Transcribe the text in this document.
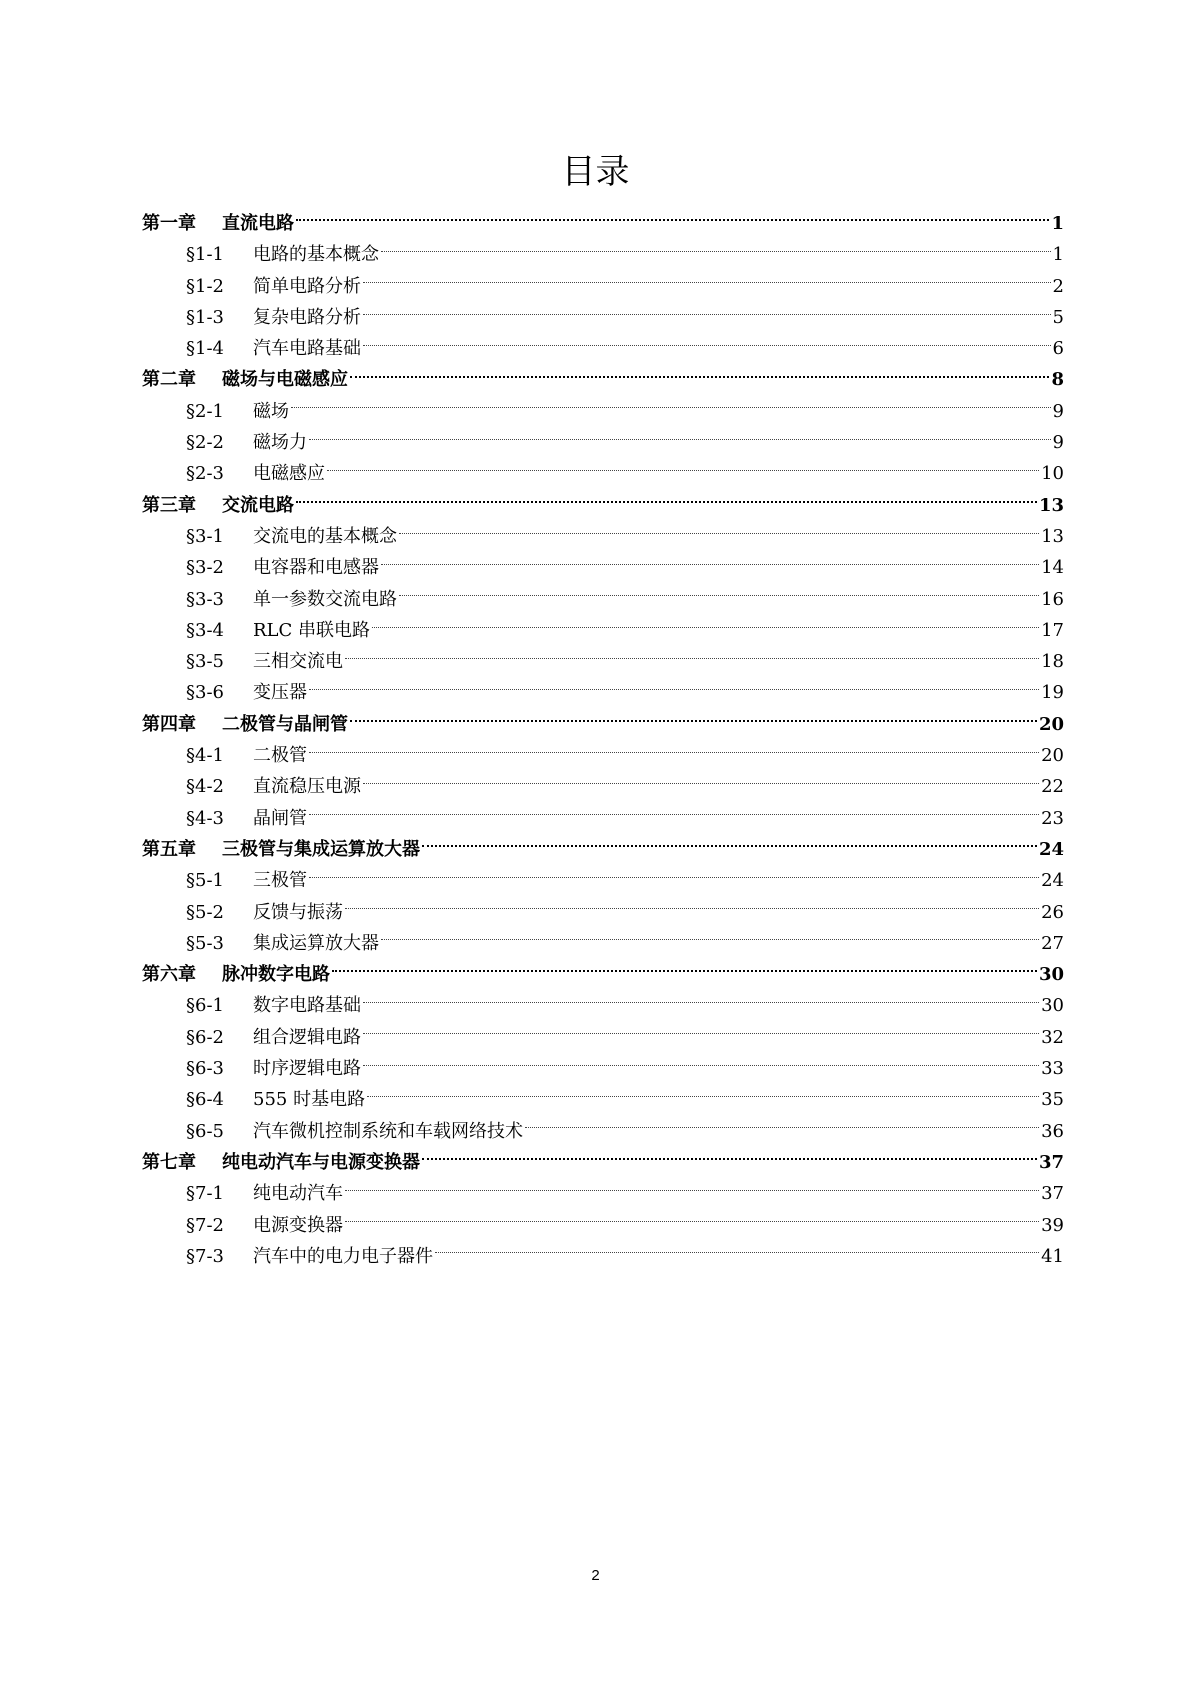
目录
第一章	直流电路	1
§1-1	电路的基本概念	1
§1-2	简单电路分析	2
§1-3	复杂电路分析	5
§1-4	汽车电路基础	6
第二章	磁场与电磁感应	8
§2-1	磁场	9
§2-2	磁场力	9
§2-3	电磁感应	10
第三章	交流电路	13
§3-1	交流电的基本概念	13
§3-2	电容器和电感器	14
§3-3	单一参数交流电路	16
§3-4	RLC 串联电路	17
§3-5	三相交流电	18
§3-6	变压器	19
第四章	二极管与晶闸管	20
§4-1	二极管	20
§4-2	直流稳压电源	22
§4-3	晶闸管	23
第五章	三极管与集成运算放大器	24
§5-1	三极管	24
§5-2	反馈与振荡	26
§5-3	集成运算放大器	27
第六章	脉冲数字电路	30
§6-1	数字电路基础	30
§6-2	组合逻辑电路	32
§6-3	时序逻辑电路	33
§6-4	555 时基电路	35
§6-5	汽车微机控制系统和车载网络技术	36
第七章	纯电动汽车与电源变换器	37
§7-1	纯电动汽车	37
§7-2	电源变换器	39
§7-3	汽车中的电力电子器件	41
2
